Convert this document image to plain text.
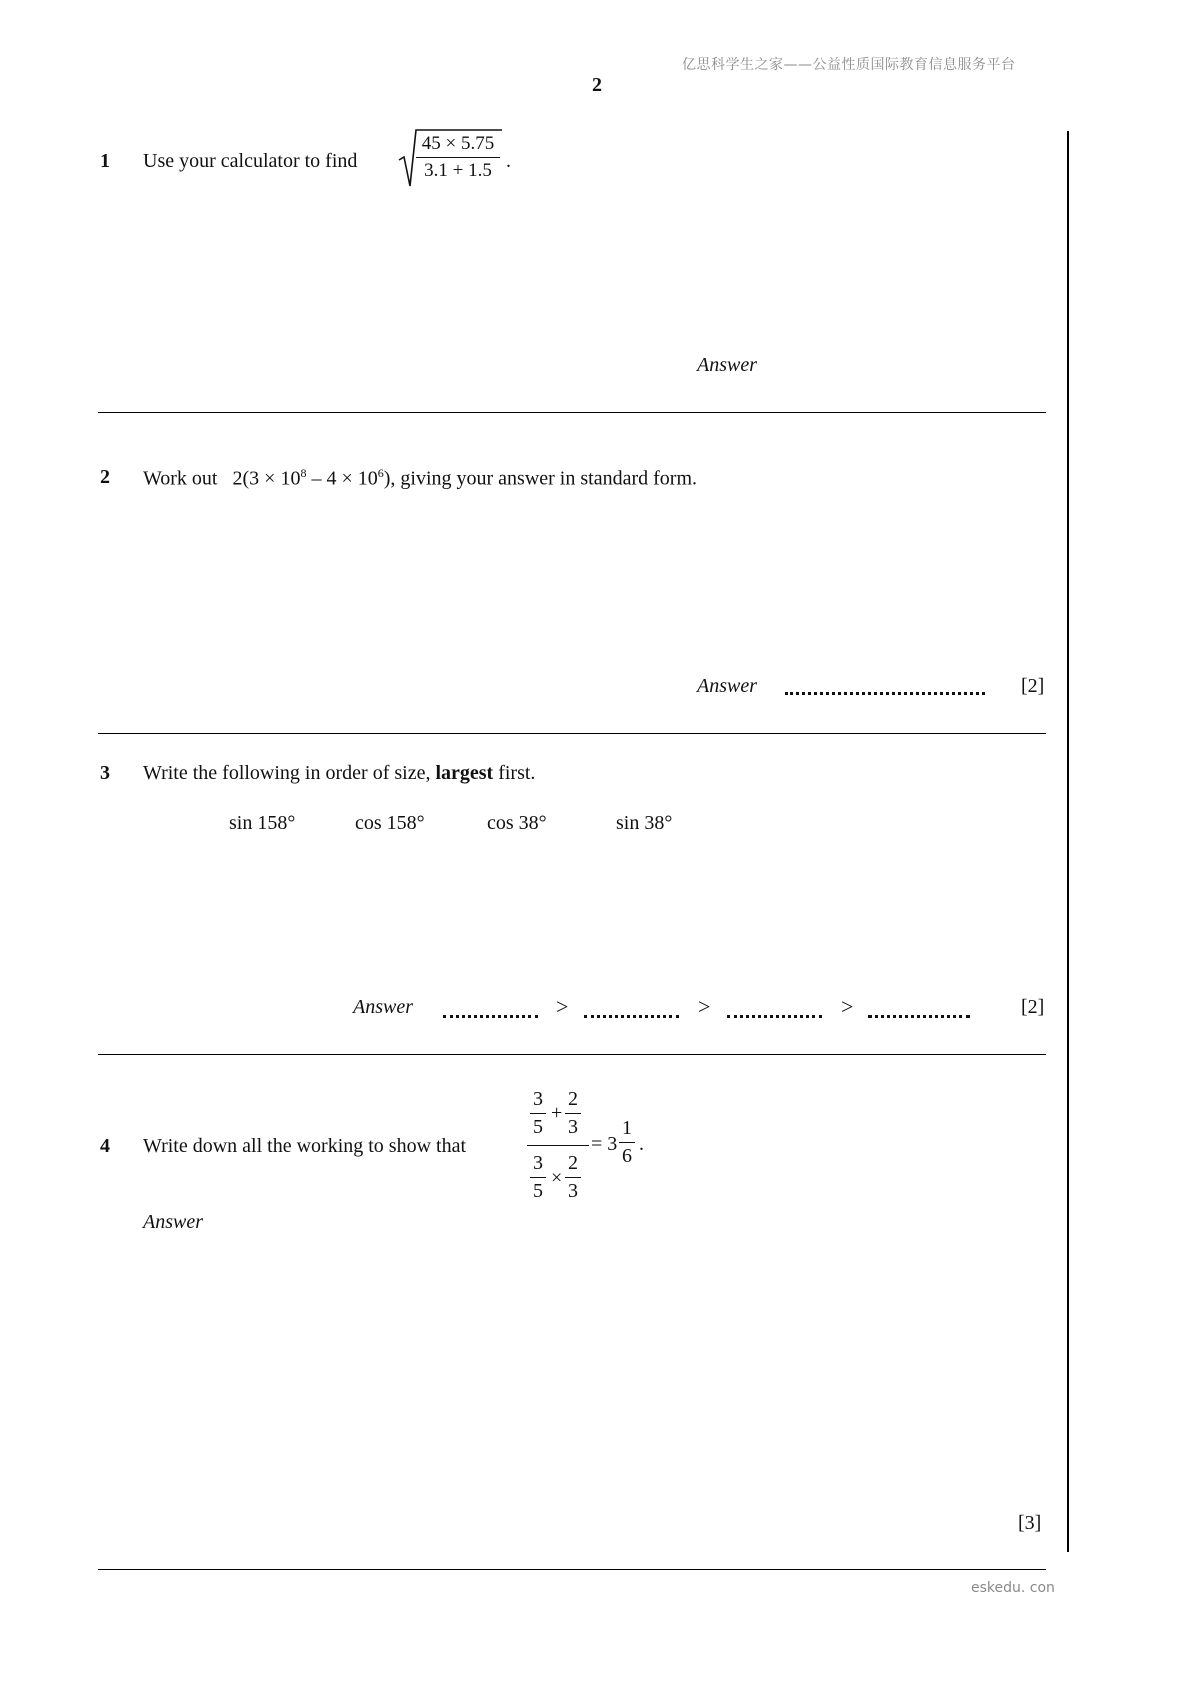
亿思科学生之家——公益性质国际教育信息服务平台
2
1 Use your calculator to find
45 × 5.75
3.1 + 1.5 .
Answer
2 Work out $2(3 \times 10^8 - 4 \times 10^6)$, giving your answer in standard form.
Answer	[2]
3 Write the following in order of size, largest first.
sin 158°	cos 158°	cos 38°	sin 38°
Answer	>	>	>	[2]
4 Write down all the working to show that
3
5
+
2
3
3
5
×
2
3
= 3
1
6
.
Answer
[3]
eskedu. con
